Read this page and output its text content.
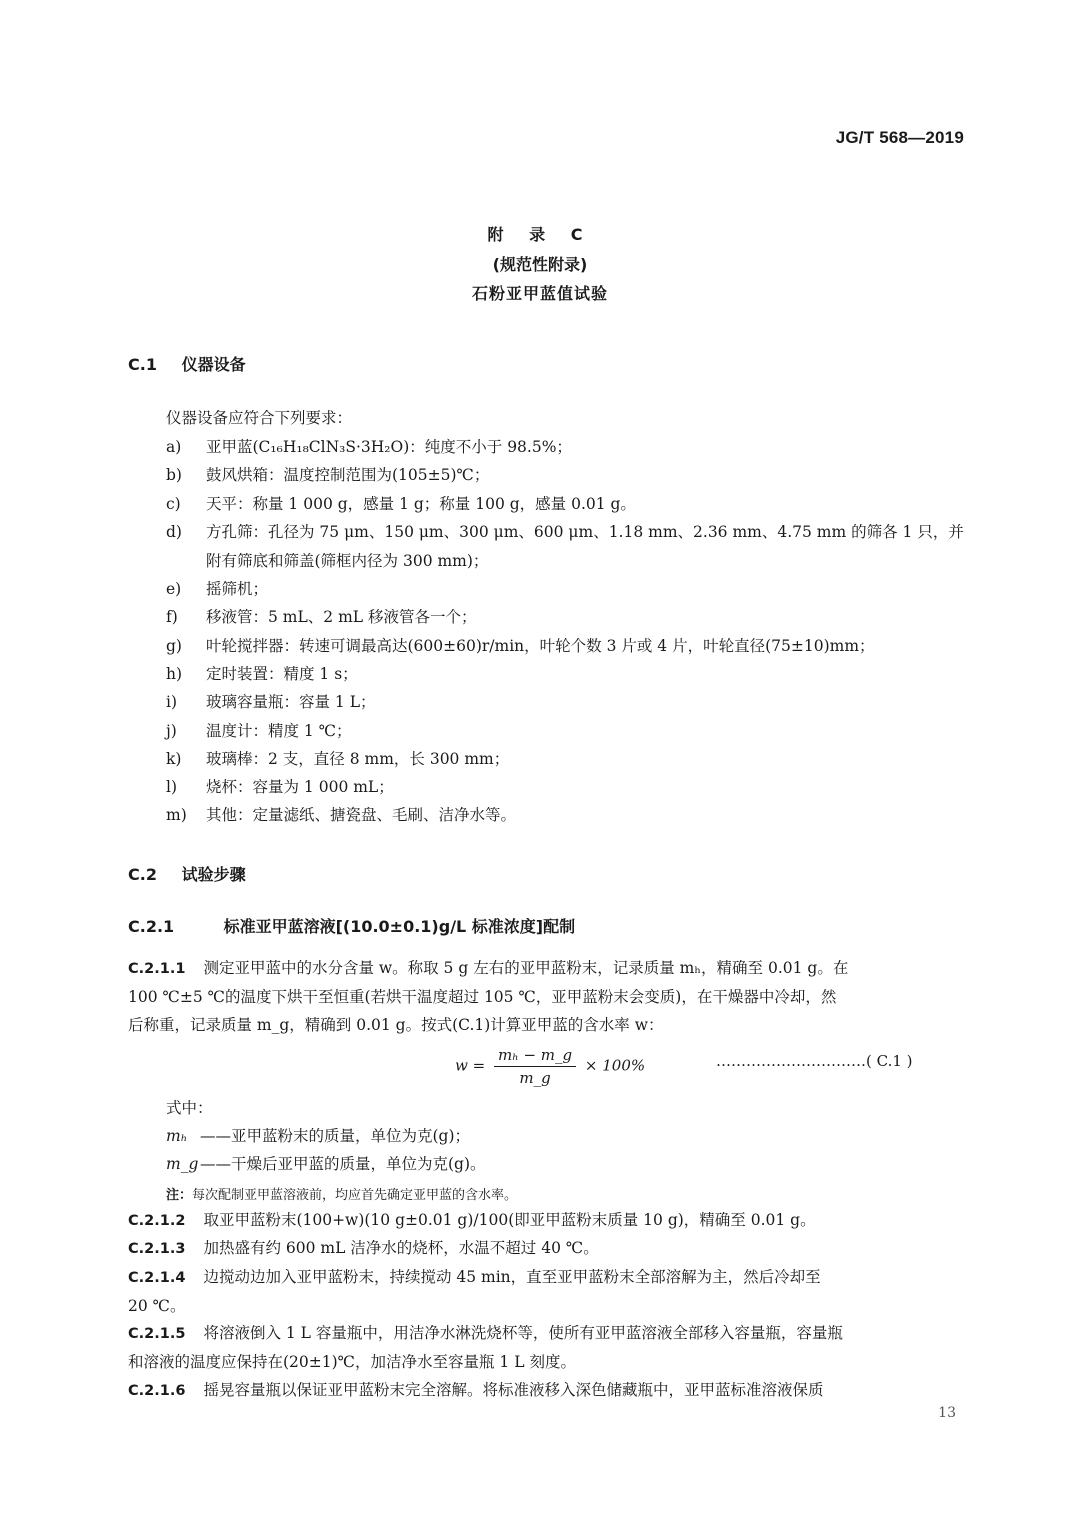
JG/T 568—2019
附 录 C
(规范性附录)
石粉亚甲蓝值试验
C.1 仪器设备
仪器设备应符合下列要求：
a) 亚甲蓝(C₁₆H₁₈ClN₃S·3H₂O)：纯度不小于 98.5%；
b) 鼓风烘箱：温度控制范围为(105±5)℃；
c) 天平：称量 1 000 g，感量 1 g；称量 100 g，感量 0.01 g。
d) 方孔筛：孔径为 75 μm、150 μm、300 μm、600 μm、1.18 mm、2.36 mm、4.75 mm 的筛各 1 只，并
附有筛底和筛盖(筛框内径为 300 mm)；
e) 摇筛机；
f) 移液管：5 mL、2 mL 移液管各一个；
g) 叶轮搅拌器：转速可调最高达(600±60)r/min，叶轮个数 3 片或 4 片，叶轮直径(75±10)mm；
h) 定时装置：精度 1 s；
i) 玻璃容量瓶：容量 1 L；
j) 温度计：精度 1 ℃；
k) 玻璃棒：2 支，直径 8 mm，长 300 mm；
l) 烧杯：容量为 1 000 mL；
m) 其他：定量滤纸、搪瓷盘、毛刷、洁净水等。
C.2 试验步骤
C.2.1	标准亚甲蓝溶液[(10.0±0.1)g/L 标准浓度]配制
C.2.1.1 测定亚甲蓝中的水分含量 w。称取 5 g 左右的亚甲蓝粉末，记录质量 mₕ，精确至 0.01 g。在
100 ℃±5 ℃的温度下烘干至恒重(若烘干温度超过 105 ℃，亚甲蓝粉末会变质)，在干燥器中冷却，然
后称重，记录质量 m_g，精确到 0.01 g。按式(C.1)计算亚甲蓝的含水率 w：
$w = \frac{\text{mₕ − m\_g}}{m\_g} \times 100\%$	…………………………( C.1 )
式中：
mₕ ——亚甲蓝粉末的质量，单位为克(g)；
m_g ——干燥后亚甲蓝的质量，单位为克(g)。
注：每次配制亚甲蓝溶液前，均应首先确定亚甲蓝的含水率。
C.2.1.2 取亚甲蓝粉末(100+w)(10 g±0.01 g)/100(即亚甲蓝粉末质量 10 g)，精确至 0.01 g。
C.2.1.3 加热盛有约 600 mL 洁净水的烧杯，水温不超过 40 ℃。
C.2.1.4 边搅动边加入亚甲蓝粉末，持续搅动 45 min，直至亚甲蓝粉末全部溶解为主，然后冷却至
20 ℃。
C.2.1.5 将溶液倒入 1 L 容量瓶中，用洁净水淋洗烧杯等，使所有亚甲蓝溶液全部移入容量瓶，容量瓶
和溶液的温度应保持在(20±1)℃，加洁净水至容量瓶 1 L 刻度。
C.2.1.6 摇晃容量瓶以保证亚甲蓝粉末完全溶解。将标准液移入深色储藏瓶中，亚甲蓝标准溶液保质
13
